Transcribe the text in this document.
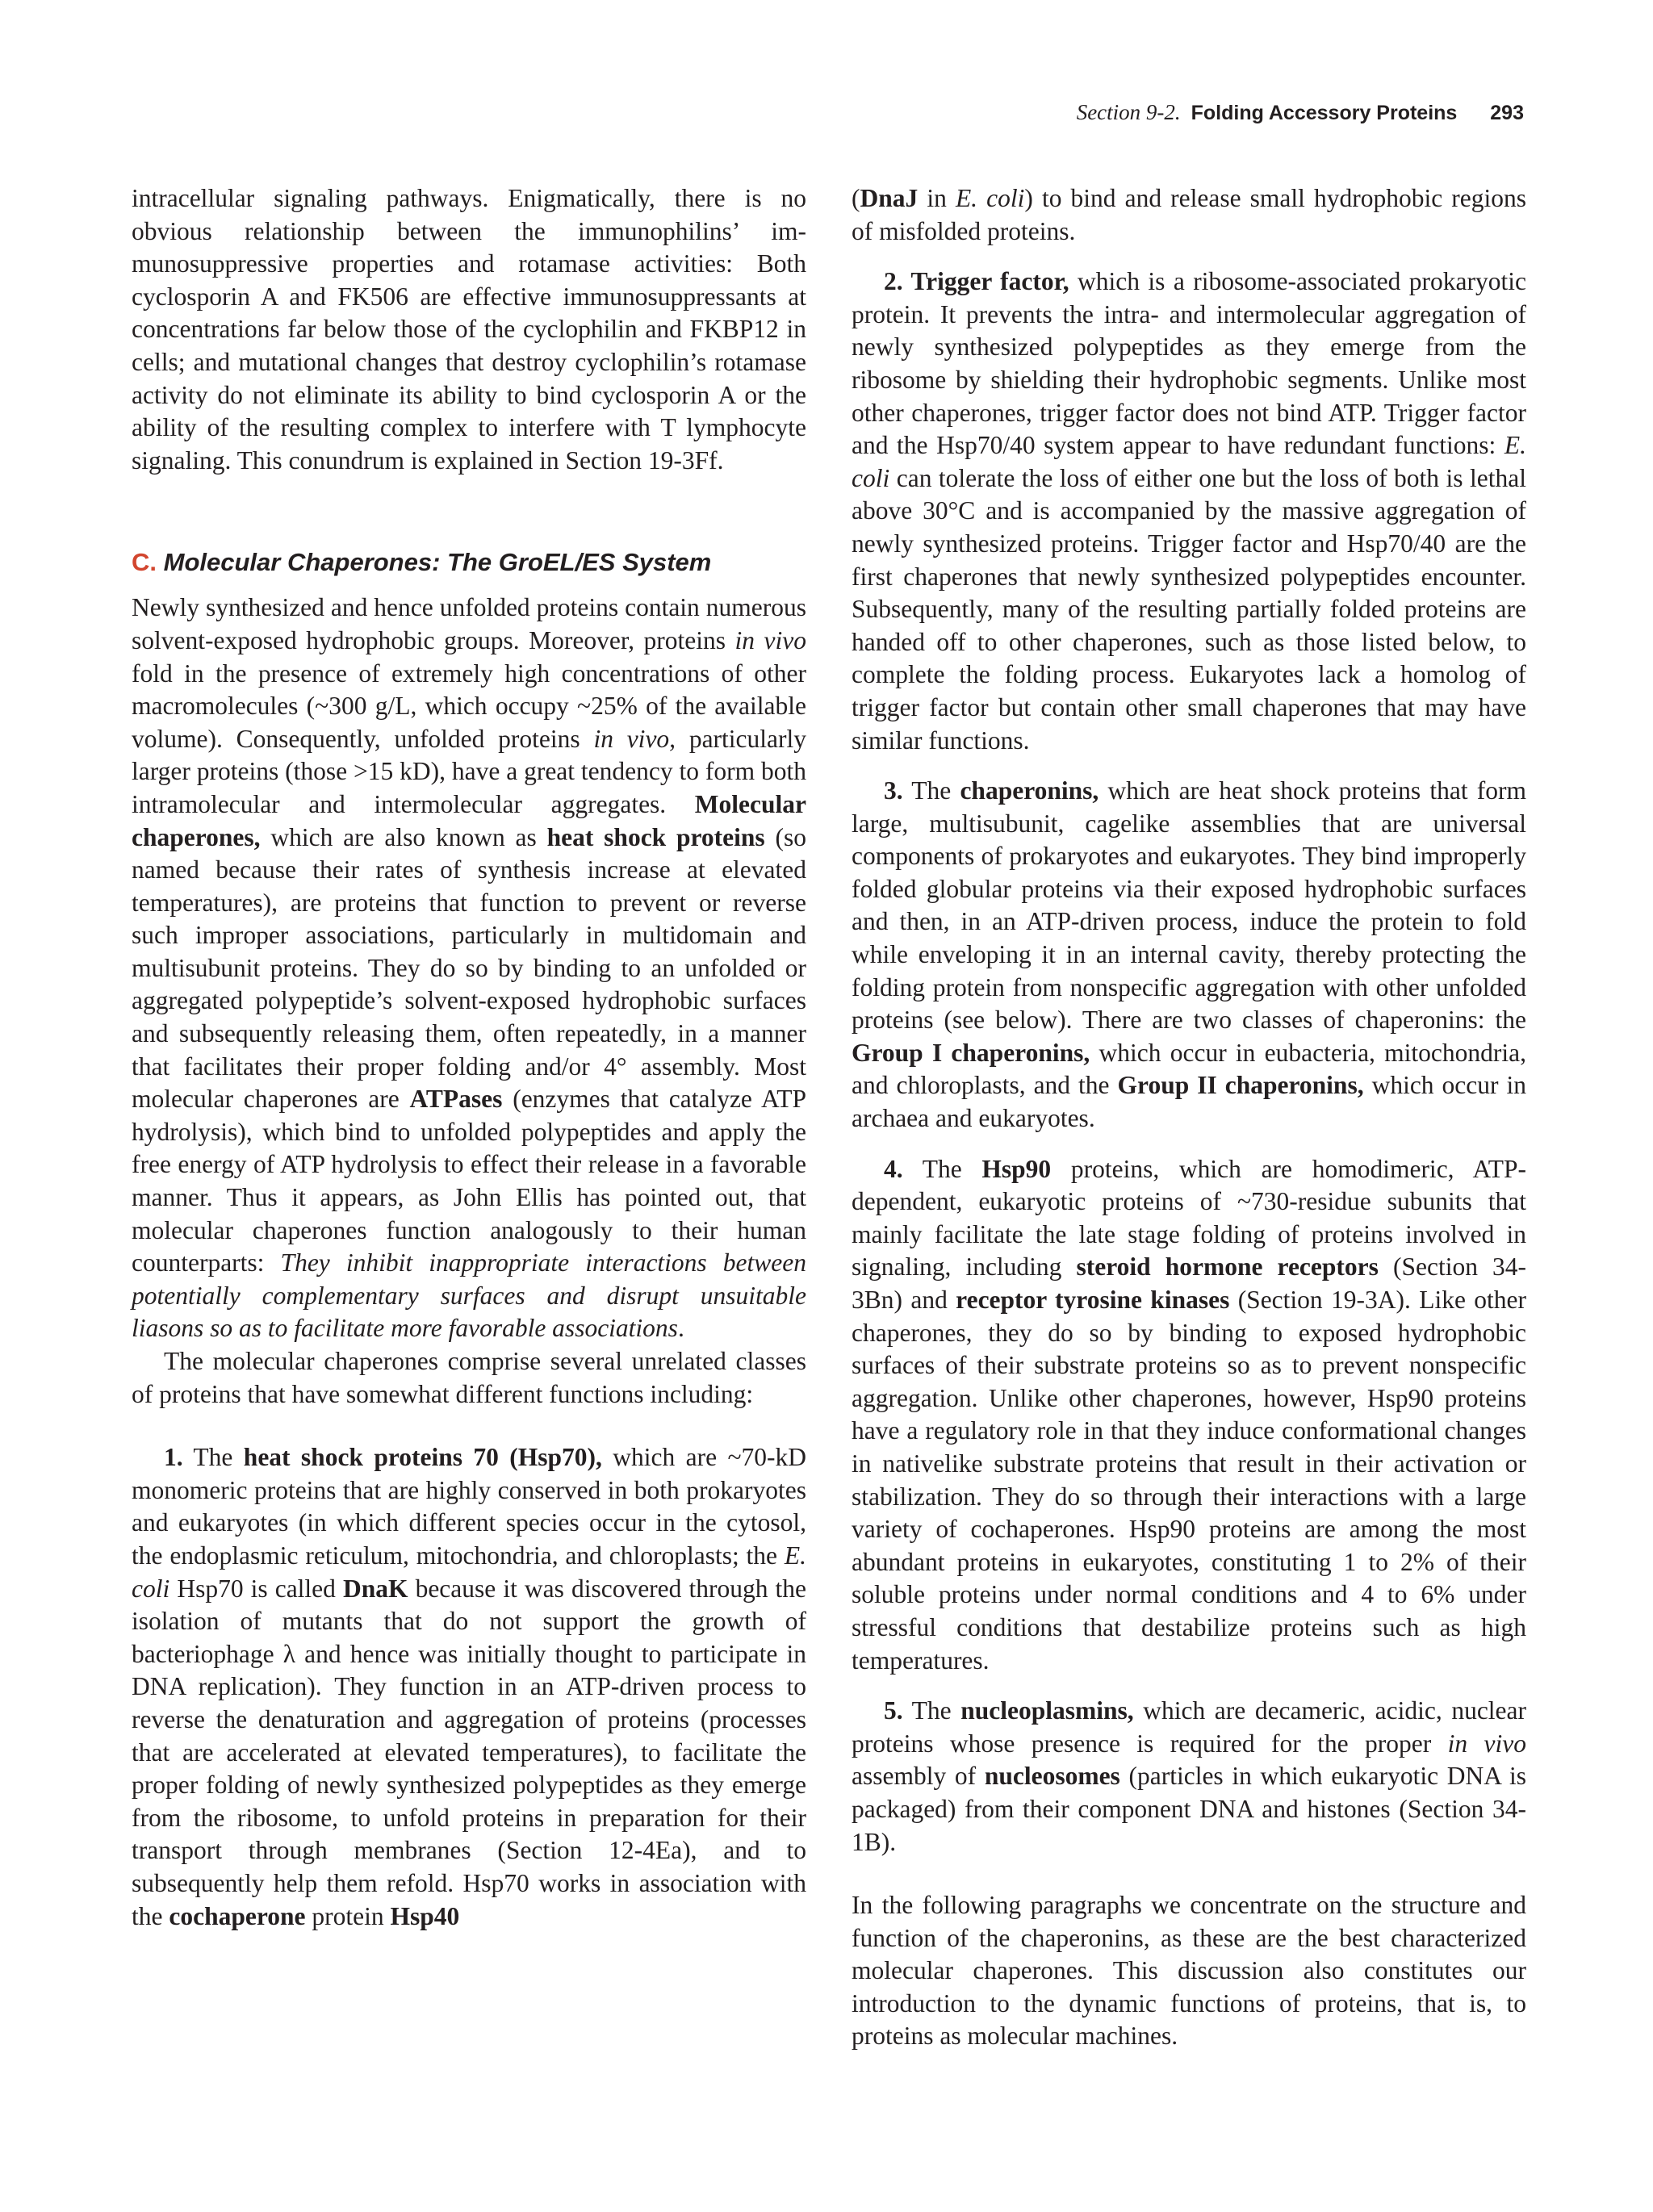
Section 9-2. Folding Accessory Proteins 293

intracellular signaling pathways. Enigmatically, there is no obvious relationship between the immunophilins’ immunosuppressive properties and rotamase activities: Both cyclosporin A and FK506 are effective immunosuppressants at concentrations far below those of the cyclophilin and FKBP12 in cells; and mutational changes that destroy cyclophilin’s rotamase activity do not eliminate its ability to bind cyclosporin A or the ability of the resulting complex to interfere with T lymphocyte signaling. This conundrum is explained in Section 19-3Ff.

C. Molecular Chaperones: The GroEL/ES System

Newly synthesized and hence unfolded proteins contain numerous solvent-exposed hydrophobic groups. Moreover, proteins in vivo fold in the presence of extremely high concentrations of other macromolecules (~300 g/L, which occupy ~25% of the available volume). Consequently, unfolded proteins in vivo, particularly larger proteins (those >15 kD), have a great tendency to form both intramolecular and intermolecular aggregates. Molecular chaperones, which are also known as heat shock proteins (so named because their rates of synthesis increase at elevated temperatures), are proteins that function to prevent or reverse such improper associations, particularly in multidomain and multisubunit proteins. They do so by binding to an unfolded or aggregated polypeptide’s solvent-exposed hydrophobic surfaces and subsequently releasing them, often repeatedly, in a manner that facilitates their proper folding and/or 4° assembly. Most molecular chaperones are ATPases (enzymes that catalyze ATP hydrolysis), which bind to unfolded polypeptides and apply the free energy of ATP hydrolysis to effect their release in a favorable manner. Thus it appears, as John Ellis has pointed out, that molecular chaperones function analogously to their human counterparts: They inhibit inappropriate interactions between potentially complementary surfaces and disrupt unsuitable liasons so as to facilitate more favorable associations.

The molecular chaperones comprise several unrelated classes of proteins that have somewhat different functions including:

1. The heat shock proteins 70 (Hsp70), which are ~70-kD monomeric proteins that are highly conserved in both prokaryotes and eukaryotes (in which different species occur in the cytosol, the endoplasmic reticulum, mitochondria, and chloroplasts; the E. coli Hsp70 is called DnaK because it was discovered through the isolation of mutants that do not support the growth of bacteriophage λ and hence was initially thought to participate in DNA replication). They function in an ATP-driven process to reverse the denaturation and aggregation of proteins (processes that are accelerated at elevated temperatures), to facilitate the proper folding of newly synthesized polypeptides as they emerge from the ribosome, to unfold proteins in preparation for their transport through membranes (Section 12-4Ea), and to subsequently help them refold. Hsp70 works in association with the cochaperone protein Hsp40

(DnaJ in E. coli) to bind and release small hydrophobic regions of misfolded proteins.

2. Trigger factor, which is a ribosome-associated prokaryotic protein. It prevents the intra- and intermolecular aggregation of newly synthesized polypeptides as they emerge from the ribosome by shielding their hydrophobic segments. Unlike most other chaperones, trigger factor does not bind ATP. Trigger factor and the Hsp70/40 system appear to have redundant functions: E. coli can tolerate the loss of either one but the loss of both is lethal above 30°C and is accompanied by the massive aggregation of newly synthesized proteins. Trigger factor and Hsp70/40 are the first chaperones that newly synthesized polypeptides encounter. Subsequently, many of the resulting partially folded proteins are handed off to other chaperones, such as those listed below, to complete the folding process. Eukaryotes lack a homolog of trigger factor but contain other small chaperones that may have similar functions.

3. The chaperonins, which are heat shock proteins that form large, multisubunit, cagelike assemblies that are universal components of prokaryotes and eukaryotes. They bind improperly folded globular proteins via their exposed hydrophobic surfaces and then, in an ATP-driven process, induce the protein to fold while enveloping it in an internal cavity, thereby protecting the folding protein from nonspecific aggregation with other unfolded proteins (see below). There are two classes of chaperonins: the Group I chaperonins, which occur in eubacteria, mitochondria, and chloroplasts, and the Group II chaperonins, which occur in archaea and eukaryotes.

4. The Hsp90 proteins, which are homodimeric, ATP-dependent, eukaryotic proteins of ~730-residue subunits that mainly facilitate the late stage folding of proteins involved in signaling, including steroid hormone receptors (Section 34-3Bn) and receptor tyrosine kinases (Section 19-3A). Like other chaperones, they do so by binding to exposed hydrophobic surfaces of their substrate proteins so as to prevent nonspecific aggregation. Unlike other chaperones, however, Hsp90 proteins have a regulatory role in that they induce conformational changes in nativelike substrate proteins that result in their activation or stabilization. They do so through their interactions with a large variety of cochaperones. Hsp90 proteins are among the most abundant proteins in eukaryotes, constituting 1 to 2% of their soluble proteins under normal conditions and 4 to 6% under stressful conditions that destabilize proteins such as high temperatures.

5. The nucleoplasmins, which are decameric, acidic, nuclear proteins whose presence is required for the proper in vivo assembly of nucleosomes (particles in which eukaryotic DNA is packaged) from their component DNA and histones (Section 34-1B).

In the following paragraphs we concentrate on the structure and function of the chaperonins, as these are the best characterized molecular chaperones. This discussion also constitutes our introduction to the dynamic functions of proteins, that is, to proteins as molecular machines.
